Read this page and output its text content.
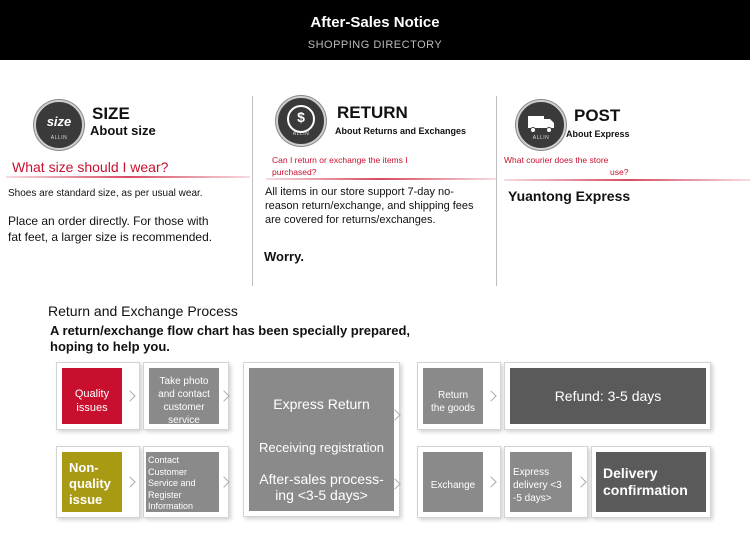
After-Sales Notice
SHOPPING DIRECTORY
size
ALLIN
SIZE
About size
What size should I wear?
Shoes are standard size, as per usual wear.
Place an order directly. For those with
fat feet, a larger size is recommended.
$
ALLIN
RETURN
About Returns and Exchanges
Can I return or exchange the items I
purchased?
All items in our store support 7-day no-
reason return/exchange, and shipping fees
are covered for returns/exchanges.
Worry.
ALLIN
POST
About Express
What courier does the store
use?
Yuantong Express
Return and Exchange Process
A return/exchange flow chart has been specially prepared,
hoping to help you.
Quality
issues
Take photo
and contact
customer
service
Express Return
Receiving registration
After-sales process-
ing <3-5 days>
Return
the goods
Refund: 3-5 days
Non-
quality
issue
Contact
Customer
Service and
Register
Information
Exchange
Express
delivery <3
-5 days>
Delivery
confirmation
